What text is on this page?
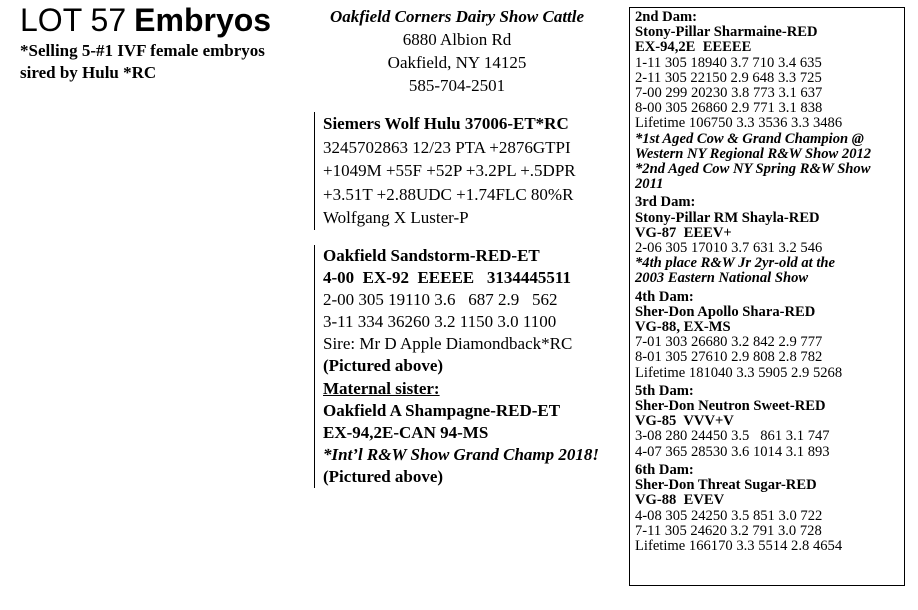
LOT 57 Embryos
*Selling 5-#1 IVF female embryos
sired by Hulu *RC
Oakfield Corners Dairy Show Cattle
6880 Albion Rd
Oakfield, NY 14125
585-704-2501
Siemers Wolf Hulu 37006-ET*RC
3245702863 12/23 PTA +2876GTPI
+1049M +55F +52P +3.2PL +.5DPR
+3.51T +2.88UDC +1.74FLC 80%R
Wolfgang X Luster-P
Oakfield Sandstorm-RED-ET
4-00  EX-92  EEEEE   3134445511
2-00 305 19110 3.6   687 2.9   562
3-11 334 36260 3.2 1150 3.0 1100
Sire: Mr D Apple Diamondback*RC
(Pictured above)
Maternal sister:
Oakfield A Shampagne-RED-ET
EX-94,2E-CAN 94-MS
*Int’l R&W Show Grand Champ 2018!
(Pictured above)
2nd Dam:
Stony-Pillar Sharmaine-RED
EX-94,2E  EEEEE
1-11 305 18940 3.7 710 3.4 635
2-11 305 22150 2.9 648 3.3 725
7-00 299 20230 3.8 773 3.1 637
8-00 305 26860 2.9 771 3.1 838
Lifetime 106750 3.3 3536 3.3 3486
*1st Aged Cow & Grand Champion @
Western NY Regional R&W Show 2012
*2nd Aged Cow NY Spring R&W Show
2011
3rd Dam:
Stony-Pillar RM Shayla-RED
VG-87  EEEV+
2-06 305 17010 3.7 631 3.2 546
*4th place R&W Jr 2yr-old at the
2003 Eastern National Show
4th Dam:
Sher-Don Apollo Shara-RED
VG-88, EX-MS
7-01 303 26680 3.2 842 2.9 777
8-01 305 27610 2.9 808 2.8 782
Lifetime 181040 3.3 5905 2.9 5268
5th Dam:
Sher-Don Neutron Sweet-RED
VG-85  VVV+V
3-08 280 24450 3.5   861 3.1 747
4-07 365 28530 3.6 1014 3.1 893
6th Dam:
Sher-Don Threat Sugar-RED
VG-88  EVEV
4-08 305 24250 3.5 851 3.0 722
7-11 305 24620 3.2 791 3.0 728
Lifetime 166170 3.3 5514 2.8 4654
